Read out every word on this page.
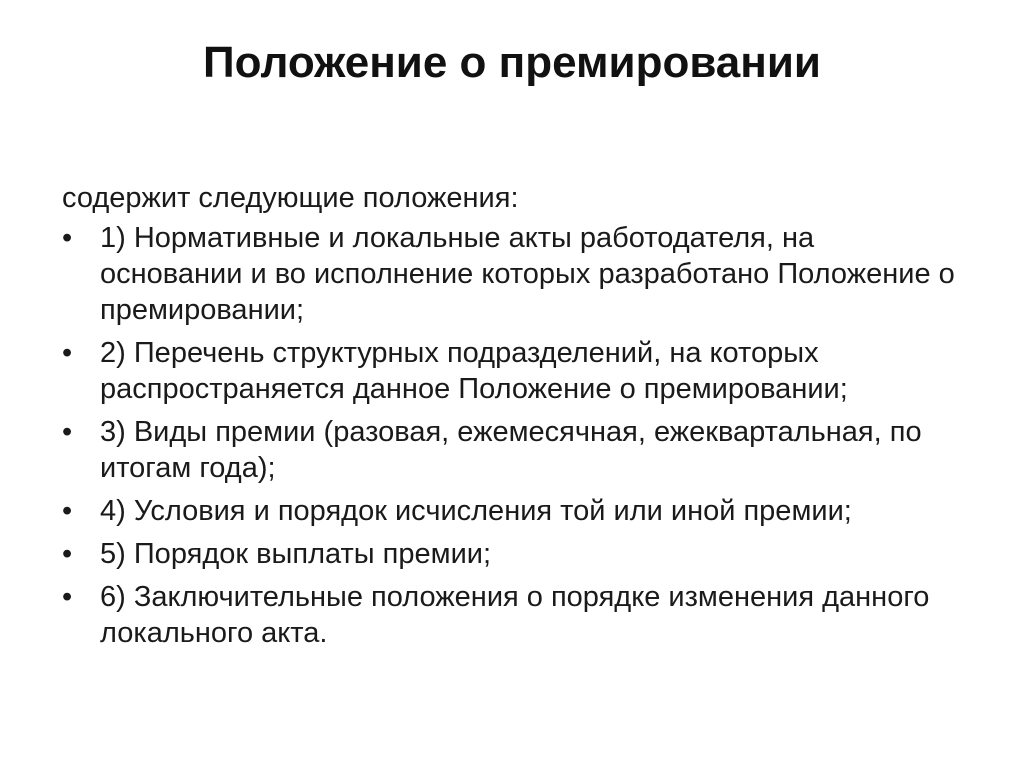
Положение о премировании

содержит следующие положения:

• 1) Нормативные и локальные акты работодателя, на основании и во исполнение которых разработано Положение о премировании;
• 2) Перечень структурных подразделений, на которых распространяется данное Положение о премировании;
• 3) Виды премии (разовая, ежемесячная, ежеквартальная, по итогам года);
• 4) Условия и порядок исчисления той или иной премии;
• 5) Порядок выплаты премии;
• 6) Заключительные положения о порядке изменения данного локального акта.
